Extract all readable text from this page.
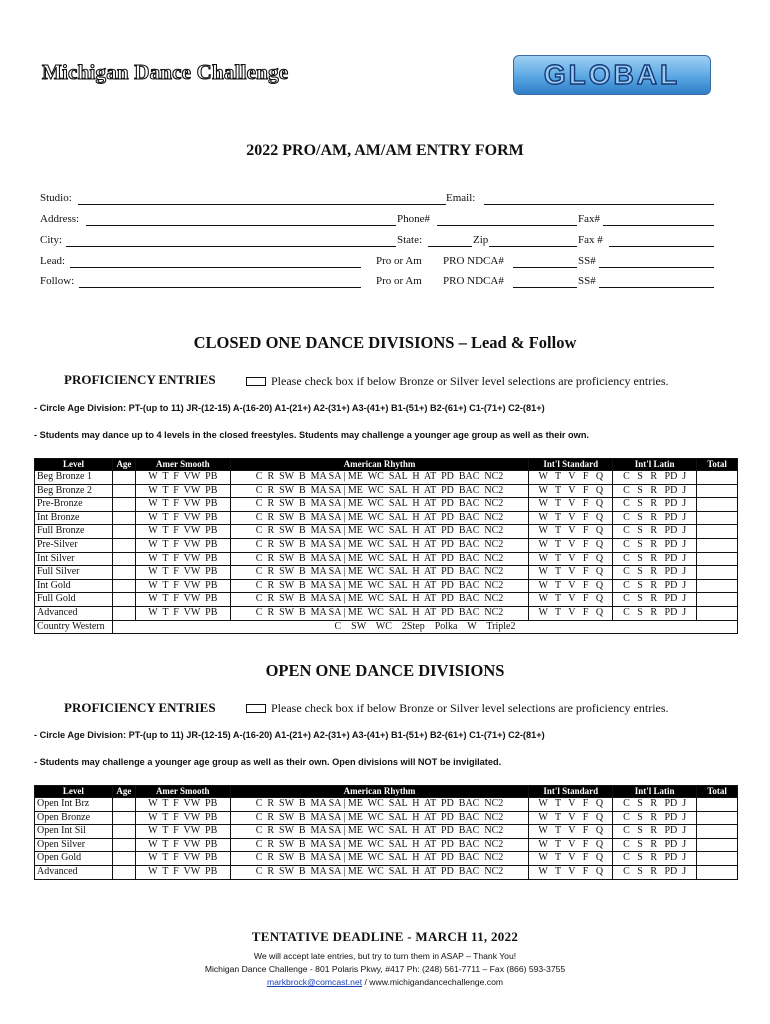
Michigan Dance Challenge	GLOBAL
2022 PRO/AM, AM/AM ENTRY FORM
Studio:	Email:
Address:	Phone#	Fax#
City:	State:	Zip	Fax #
Lead:	Pro or Am PRO NDCA#	SS#
Follow:	Pro or Am PRO NDCA#	SS#
CLOSED ONE DANCE DIVISIONS – Lead & Follow
PROFICIENCY ENTRIES	Please check box if below Bronze or Silver level selections are proficiency entries.
- Circle Age Division: PT-(up to 11) JR-(12-15) A-(16-20) A1-(21+) A2-(31+) A3-(41+) B1-(51+) B2-(61+) C1-(71+) C2-(81+)
- Students may dance up to 4 levels in the closed freestyles. Students may challenge a younger age group as well as their own.
Level	Age	Amer Smooth	American Rhythm	Int'l Standard	Int'l Latin	Total
Beg Bronze 1		W  T  F  VW  PB	C  R  SW  B  MA SA | ME  WC  SAL  H  AT  PD  BAC  NC2	W   T   V   F   Q	C   S   R   PD  J	
Beg Bronze 2		W  T  F  VW  PB	C  R  SW  B  MA SA | ME  WC  SAL  H  AT  PD  BAC  NC2	W   T   V   F   Q	C   S   R   PD  J	
Pre-Bronze		W  T  F  VW  PB	C  R  SW  B  MA SA | ME  WC  SAL  H  AT  PD  BAC  NC2	W   T   V   F   Q	C   S   R   PD  J	
Int Bronze		W  T  F  VW  PB	C  R  SW  B  MA SA | ME  WC  SAL  H  AT  PD  BAC  NC2	W   T   V   F   Q	C   S   R   PD  J	
Full Bronze		W  T  F  VW  PB	C  R  SW  B  MA SA | ME  WC  SAL  H  AT  PD  BAC  NC2	W   T   V   F   Q	C   S   R   PD  J	
Pre-Silver		W  T  F  VW  PB	C  R  SW  B  MA SA | ME  WC  SAL  H  AT  PD  BAC  NC2	W   T   V   F   Q	C   S   R   PD  J	
Int Silver		W  T  F  VW  PB	C  R  SW  B  MA SA | ME  WC  SAL  H  AT  PD  BAC  NC2	W   T   V   F   Q	C   S   R   PD  J	
Full Silver		W  T  F  VW  PB	C  R  SW  B  MA SA | ME  WC  SAL  H  AT  PD  BAC  NC2	W   T   V   F   Q	C   S   R   PD  J	
Int Gold		W  T  F  VW  PB	C  R  SW  B  MA SA | ME  WC  SAL  H  AT  PD  BAC  NC2	W   T   V   F   Q	C   S   R   PD  J	
Full Gold		W  T  F  VW  PB	C  R  SW  B  MA SA | ME  WC  SAL  H  AT  PD  BAC  NC2	W   T   V   F   Q	C   S   R   PD  J	
Advanced		W  T  F  VW  PB	C  R  SW  B  MA SA | ME  WC  SAL  H  AT  PD  BAC  NC2	W   T   V   F   Q	C   S   R   PD  J	
Country Western	C    SW    WC    2Step    Polka    W    Triple2					
OPEN ONE DANCE DIVISIONS
PROFICIENCY ENTRIES	Please check box if below Bronze or Silver level selections are proficiency entries.
- Circle Age Division: PT-(up to 11) JR-(12-15) A-(16-20) A1-(21+) A2-(31+) A3-(41+) B1-(51+) B2-(61+) C1-(71+) C2-(81+)
- Students may challenge a younger age group as well as their own. Open divisions will NOT be invigilated.
Level	Age	Amer Smooth	American Rhythm	Int'l Standard	Int'l Latin	Total
Open Int Brz		W  T  F  VW  PB	C  R  SW  B  MA SA | ME  WC  SAL  H  AT  PD  BAC  NC2	W   T   V   F   Q	C   S   R   PD  J	
Open Bronze		W  T  F  VW  PB	C  R  SW  B  MA SA | ME  WC  SAL  H  AT  PD  BAC  NC2	W   T   V   F   Q	C   S   R   PD  J	
Open Int Sil		W  T  F  VW  PB	C  R  SW  B  MA SA | ME  WC  SAL  H  AT  PD  BAC  NC2	W   T   V   F   Q	C   S   R   PD  J	
Open Silver		W  T  F  VW  PB	C  R  SW  B  MA SA | ME  WC  SAL  H  AT  PD  BAC  NC2	W   T   V   F   Q	C   S   R   PD  J	
Open Gold		W  T  F  VW  PB	C  R  SW  B  MA SA | ME  WC  SAL  H  AT  PD  BAC  NC2	W   T   V   F   Q	C   S   R   PD  J	
Advanced		W  T  F  VW  PB	C  R  SW  B  MA SA | ME  WC  SAL  H  AT  PD  BAC  NC2	W   T   V   F   Q	C   S   R   PD  J	
TENTATIVE DEADLINE - MARCH 11, 2022
We will accept late entries, but try to turn them in ASAP – Thank You!
Michigan Dance Challenge - 801 Polaris Pkwy, #417 Ph: (248) 561-7711 – Fax (866) 593-3755
markbrock@comcast.net / www.michigandancechallenge.com
